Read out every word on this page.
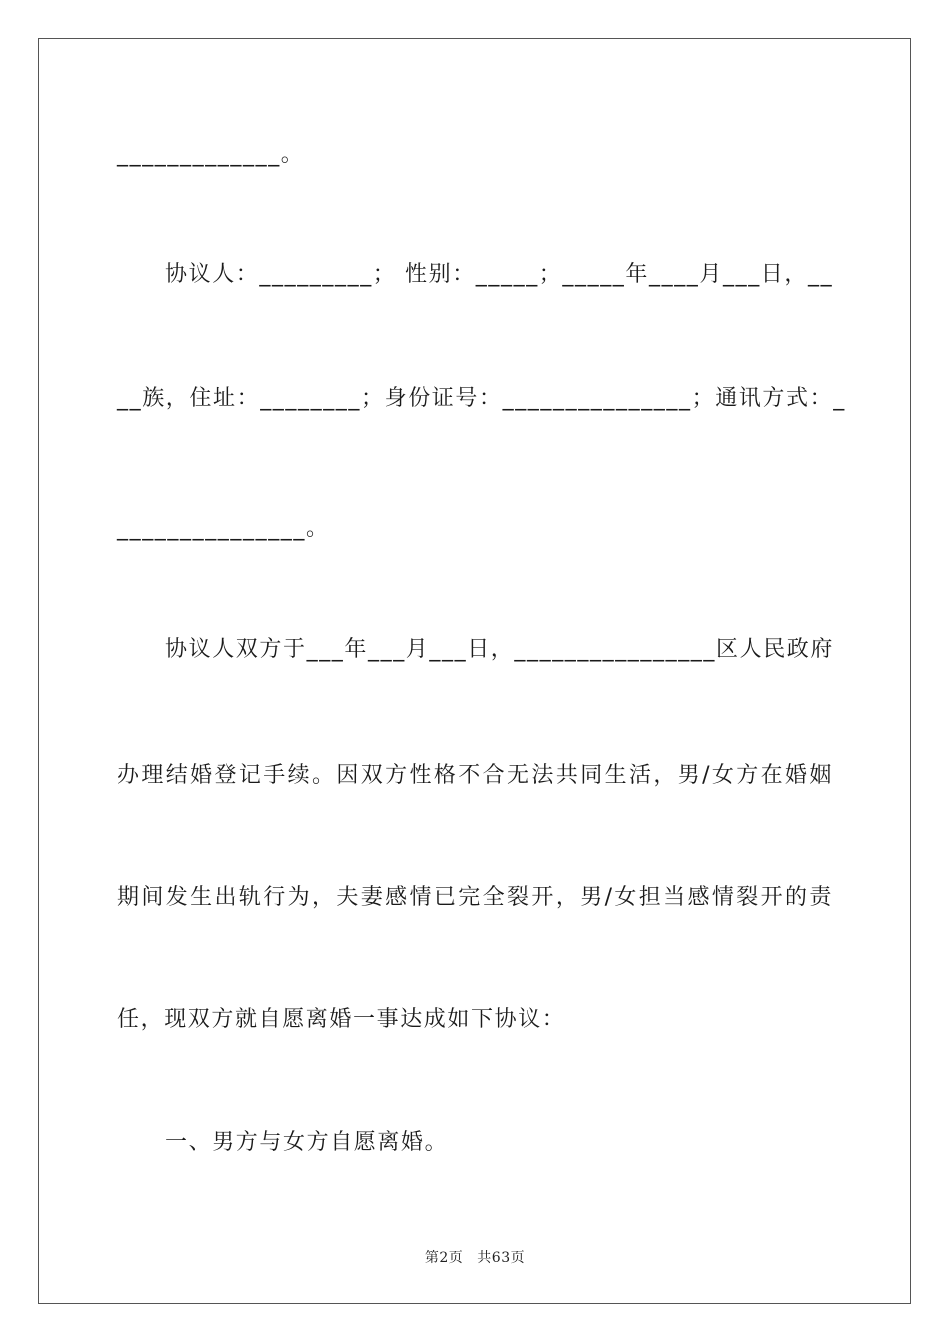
_____________。
协议人：_________； 性别：_____；_____年____月___日，__
__族，住址：________；身份证号：_______________；通讯方式：_
_______________。
协议人双方于___年___月___日，________________区人民政府
办理结婚登记手续。因双方性格不合无法共同生活，男/女方在婚姻
期间发生出轨行为，夫妻感情已完全裂开，男/女担当感情裂开的责
任，现双方就自愿离婚一事达成如下协议：
一、男方与女方自愿离婚。
第2页 共63页
